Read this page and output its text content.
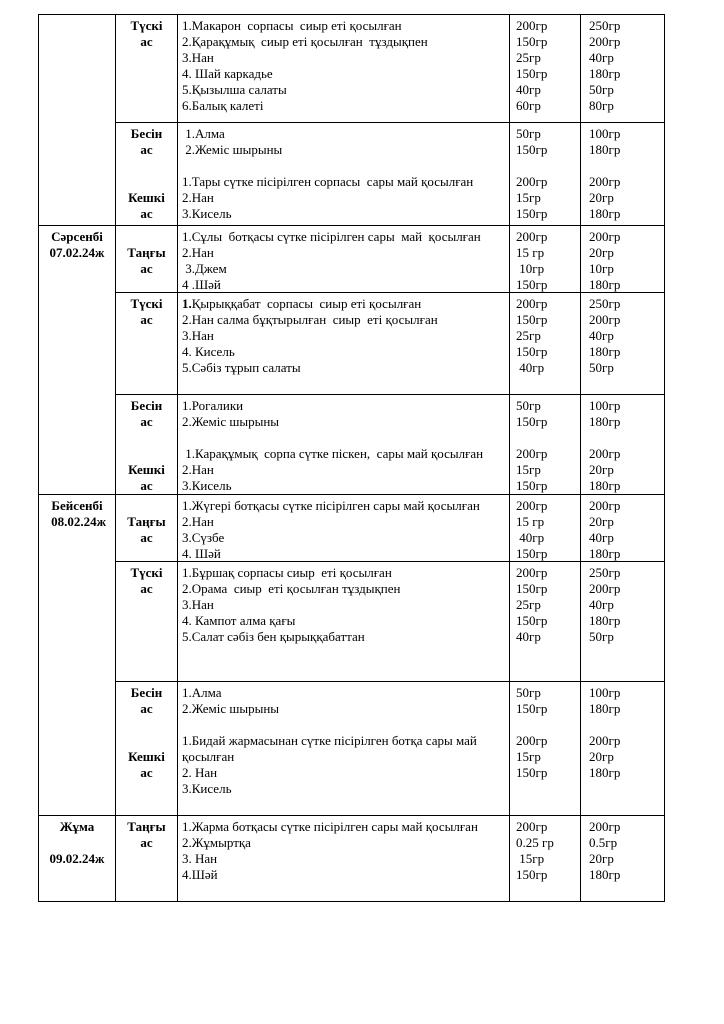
Түскі
ас
1.Макарон  сорпасы  сиыр еті қосылған
2.Қарақұмық  сиыр еті қосылған  тұздықпен
3.Нан
4. Шай каркадье
5.Қызылша салаты
6.Балық калеті
200гр
150гр
25гр
150гр
40гр
60гр
250гр
200гр
40гр
180гр
50гр
80гр
Бесін
ас
Кешкі
ас
1.Алма
2.Жеміс шырыны

1.Тары сүтке пісірілген сорпасы  сары май қосылған
2.Нан
3.Кисель
50гр
150гр

200гр
15гр
150гр
100гр
180гр

200гр
20гр
180гр
Сәрсенбі
07.02.24ж	Таңғы
ас
1.Сұлы  ботқасы сүтке пісірілген сары  май  қосылған
2.Нан
3.Джем
4 .Шәй
200гр
15 гр
10гр
150гр
200гр
20гр
10гр
180гр
Түскі
ас
1.Қырыққабат  сорпасы  сиыр еті қосылған
2.Нан салма бұқтырылған  сиыр  еті қосылған
3.Нан
4. Кисель
5.Сәбіз тұрып салаты
200гр
150гр
25гр
150гр
40гр
250гр
200гр
40гр
180гр
50гр
Бесін
ас
Кешкі
ас
1.Рогалики
2.Жеміс шырыны

1.Карақұмық  сорпа сүтке піскен,  сары май қосылған
2.Нан
3.Кисель
50гр
150гр

200гр
15гр
150гр
100гр
180гр

200гр
20гр
180гр
Бейсенбі
08.02.24ж	Таңғы
ас
1.Жүгері ботқасы сүтке пісірілген сары май қосылған
2.Нан
3.Сүзбе
4. Шәй
200гр
15 гр
40гр
150гр
200гр
20гр
40гр
180гр
Түскі
ас
1.Бұршақ сорпасы сиыр  еті қосылған
2.Орама  сиыр  еті қосылған тұздықпен
3.Нан
4. Кампот алма қағы
5.Салат сәбіз бен қырыққабаттан
200гр
150гр
25гр
150гр
40гр
250гр
200гр
40гр
180гр
50гр
Бесін
ас
Кешкі
ас
1.Алма
2.Жеміс шырыны

1.Бидай жармасынан сүтке пісірілген ботқа сары май
қосылған
2. Нан
3.Кисель
50гр
150гр

200гр
15гр
150гр
100гр
180гр

200гр
20гр
180гр
Жұма

09.02.24ж
Таңғы
ас
1.Жарма ботқасы сүтке пісірілген сары май қосылған
2.Жұмыртқа
3. Нан
4.Шәй
200гр
0.25 гр
15гр
150гр
200гр
0.5гр
20гр
180гр
